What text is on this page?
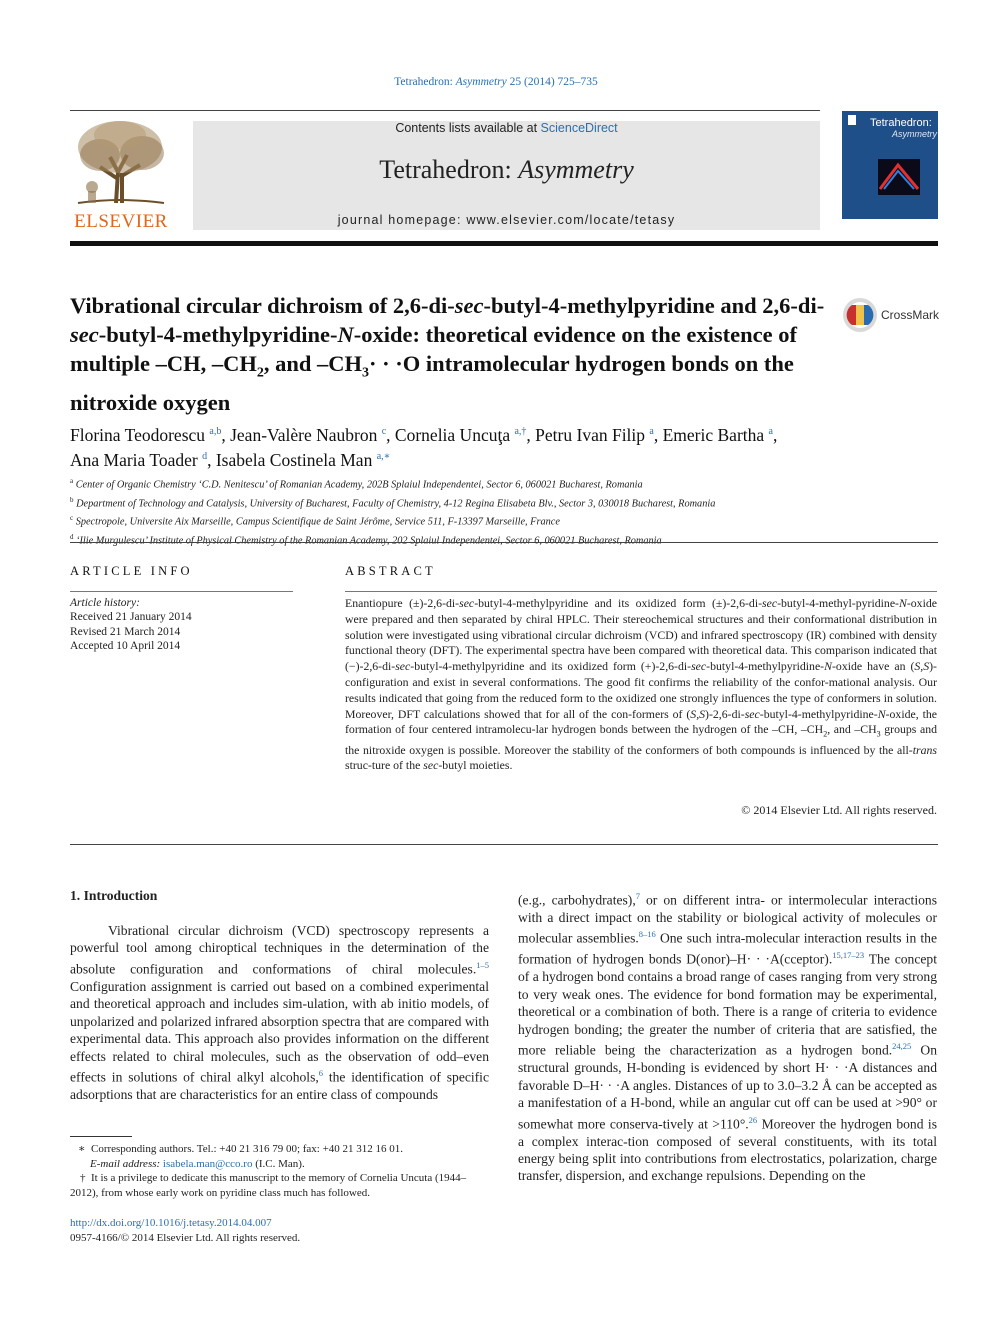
Tetrahedron: Asymmetry 25 (2014) 725–735
ELSEVIER
Contents lists available at ScienceDirect
Tetrahedron: Asymmetry
journal homepage: www.elsevier.com/locate/tetasy
Tetrahedron:
Asymmetry
Vibrational circular dichroism of 2,6-di-sec-butyl-4-methylpyridine and 2,6-di-sec-butyl-4-methylpyridine-N-oxide: theoretical evidence on the existence of multiple –CH, $-CH_2$, and $-CH_3\cdot \cdot \cdot O$ intramolecular hydrogen bonds on the nitroxide oxygen
CrossMark
Florina Teodorescu $^{a,b}$, Jean-Valère Naubron $^c$, Cornelia Uncuţa $^{a,\dagger}$, Petru Ivan Filip $^a$, Emeric Bartha $^a$,
Ana Maria Toader $^d$, Isabela Costinela Man $^{a,∗}$
$^a$ Center of Organic Chemistry ‘C.D. Nenitescu’ of Romanian Academy, 202B Splaiul Independentei, Sector 6, 060021 Bucharest, Romania
$^b$ Department of Technology and Catalysis, University of Bucharest, Faculty of Chemistry, 4-12 Regina Elisabeta Blv., Sector 3, 030018 Bucharest, Romania
$^c$ Spectropole, Universite Aix Marseille, Campus Scientifique de Saint Jérôme, Service 511, F-13397 Marseille, France
$^d$
ARTICLE INFO
Article history:
Received 21 January 2014
Revised 21 March 2014
Accepted 10 April 2014
ABSTRACT
Enantiopure (±)-2,6-di-sec-butyl-4-methylpyridine and its oxidized form (±)-2,6-di-sec-butyl-4-methyl-pyridine-N-oxide were prepared and then separated by chiral HPLC. Their stereochemical structures and their conformational distribution in solution were investigated using vibrational circular dichroism (VCD) and infrared spectroscopy (IR) combined with density functional theory (DFT). The experimental spectra have been compared with theoretical data. This comparison indicated that (−)-2,6-di-sec-butyl-4-methylpyridine and its oxidized form (+)-2,6-di-sec-butyl-4-methylpyridine-N-oxide have an (S,S)-configuration and exist in several conformations. The good fit confirms the reliability of the confor-mational analysis. Our results indicated that going from the reduced form to the oxidized one strongly influences the type of conformers in solution. Moreover, DFT calculations showed that for all of the con-formers of (S,S)-2,6-di-sec-butyl-4-methylpyridine-N-oxide, the formation of four centered intramolecu-lar hydrogen bonds between the hydrogen of the –CH, $-CH_2$, and $-CH_3$ groups and the nitroxide oxygen is possible. Moreover the stability of the conformers of both compounds is influenced by the all-trans struc-ture of the sec-butyl moieties.
© 2014 Elsevier Ltd. All rights reserved.
1. Introduction

Vibrational circular dichroism (VCD) spectroscopy represents a powerful tool among chiroptical techniques in the determination of the absolute configuration and conformations of chiral molecules.$^{1-5}$ Configuration assignment is carried out based on a combined experimental and theoretical approach and includes sim-ulation, with ab initio models, of unpolarized and polarized infrared absorption spectra that are compared with experimental data. This approach also provides information on the different effects related to chiral molecules, such as the observation of odd–even effects in solutions of chiral alkyl alcohols,$^6$ the identification of specific adsorptions that are characteristics for an entire class of compounds

(e.g., carbohydrates),$^7$ or on different intra- or intermolecular interactions with a direct impact on the stability or biological activity of molecules or molecular assemblies.$^{8-16}$ One such intra-molecular interaction results in the formation of hydrogen bonds D(onor)–H· · ·A(cceptor).$^{15,17-23}$ The concept of a hydrogen bond contains a broad range of cases ranging from very strong to very weak ones. The evidence for bond formation may be experimental, theoretical or a combination of both. There is a range of criteria to evidence hydrogen bonding; the greater the number of criteria that are satisfied, the more reliable being the characterization as a hydrogen bond.$^{24,25}$ On structural grounds, H-bonding is evidenced by short H· · ·A distances and favorable D–H· · ·A angles. Distances of up to 3.0–3.2 Å can be accepted as a manifestation of a H-bond, while an angular cut off can be used at >90° or somewhat more conserva-tively at >110°.$^{26}$ Moreover the hydrogen bond is a complex interac-tion composed of several constituents, with its total energy being split into contributions from electrostatics, polarization, charge transfer, dispersion, and exchange repulsions. Depending on the

∗ Corresponding authors. Tel.: +40 21 316 79 00; fax: +40 21 312 16 01.
E-mail address: isabela.man@cco.ro (I.C. Man).
† It is a privilege to dedicate this manuscript to the memory of Cornelia Uncuta (1944–2012), from whose early work on pyridine class much has followed.
http://dx.doi.org/10.1016/j.tetasy.2014.04.007
0957-4166/© 2014 Elsevier Ltd. All rights reserved.
